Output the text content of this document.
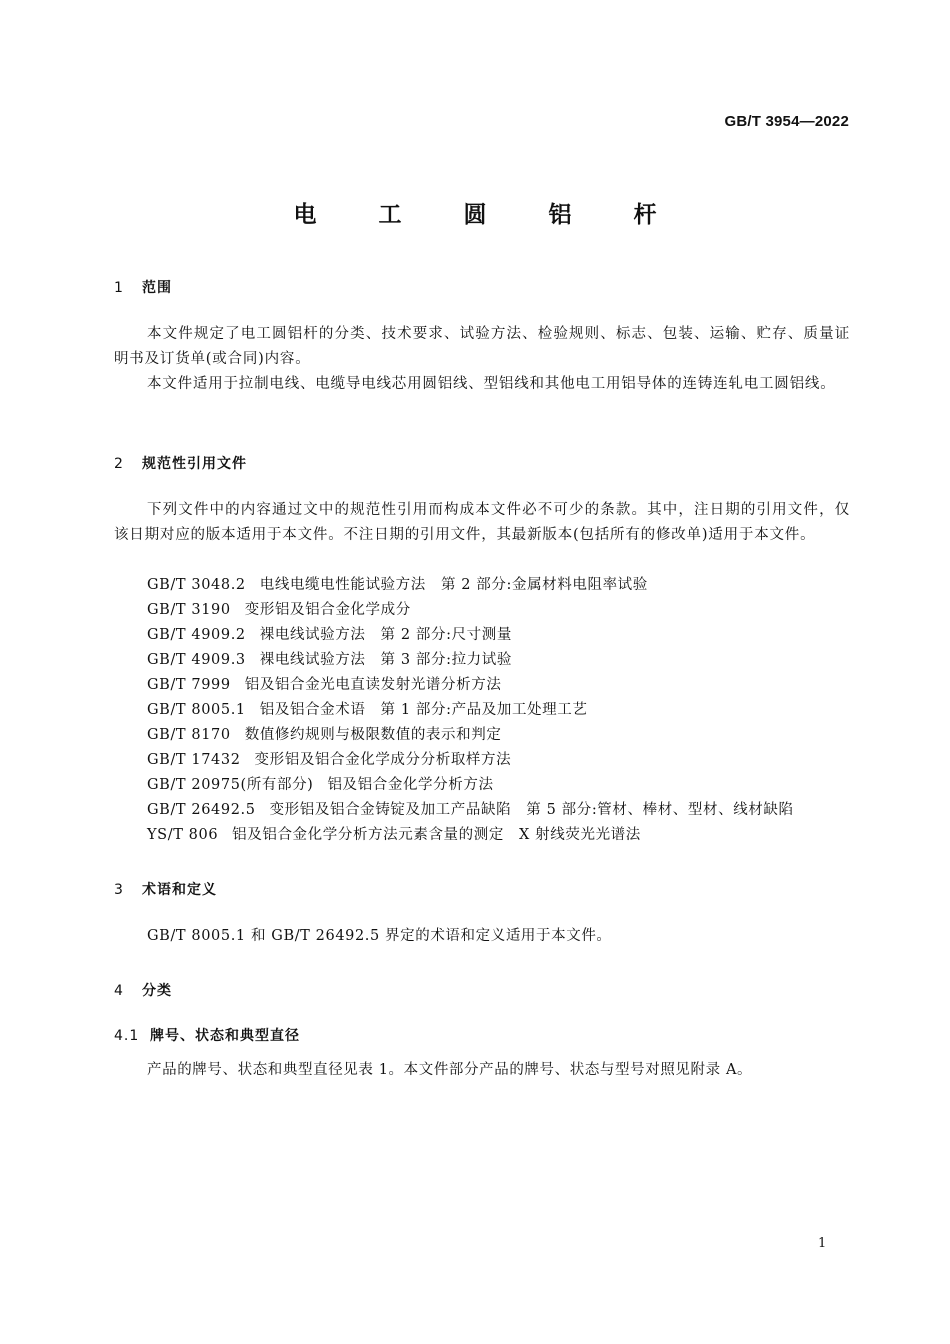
GB/T 3954—2022
电 工 圆 铝 杆
1 范围
本文件规定了电工圆铝杆的分类、技术要求、试验方法、检验规则、标志、包装、运输、贮存、质量证明书及订货单(或合同)内容。
本文件适用于拉制电线、电缆导电线芯用圆铝线、型铝线和其他电工用铝导体的连铸连轧电工圆铝线。
2 规范性引用文件
下列文件中的内容通过文中的规范性引用而构成本文件必不可少的条款。其中，注日期的引用文件，仅该日期对应的版本适用于本文件。不注日期的引用文件，其最新版本(包括所有的修改单)适用于本文件。
GB/T 3048.2 电线电缆电性能试验方法　第 2 部分:金属材料电阻率试验
GB/T 3190 变形铝及铝合金化学成分
GB/T 4909.2 裸电线试验方法　第 2 部分:尺寸测量
GB/T 4909.3 裸电线试验方法　第 3 部分:拉力试验
GB/T 7999 铝及铝合金光电直读发射光谱分析方法
GB/T 8005.1 铝及铝合金术语　第 1 部分:产品及加工处理工艺
GB/T 8170 数值修约规则与极限数值的表示和判定
GB/T 17432 变形铝及铝合金化学成分分析取样方法
GB/T 20975(所有部分) 铝及铝合金化学分析方法
GB/T 26492.5 变形铝及铝合金铸锭及加工产品缺陷　第 5 部分:管材、棒材、型材、线材缺陷
YS/T 806 铝及铝合金化学分析方法元素含量的测定　X 射线荧光光谱法
3 术语和定义
GB/T 8005.1 和 GB/T 26492.5 界定的术语和定义适用于本文件。
4 分类
4.1 牌号、状态和典型直径
产品的牌号、状态和典型直径见表 1。本文件部分产品的牌号、状态与型号对照见附录 A。
1
